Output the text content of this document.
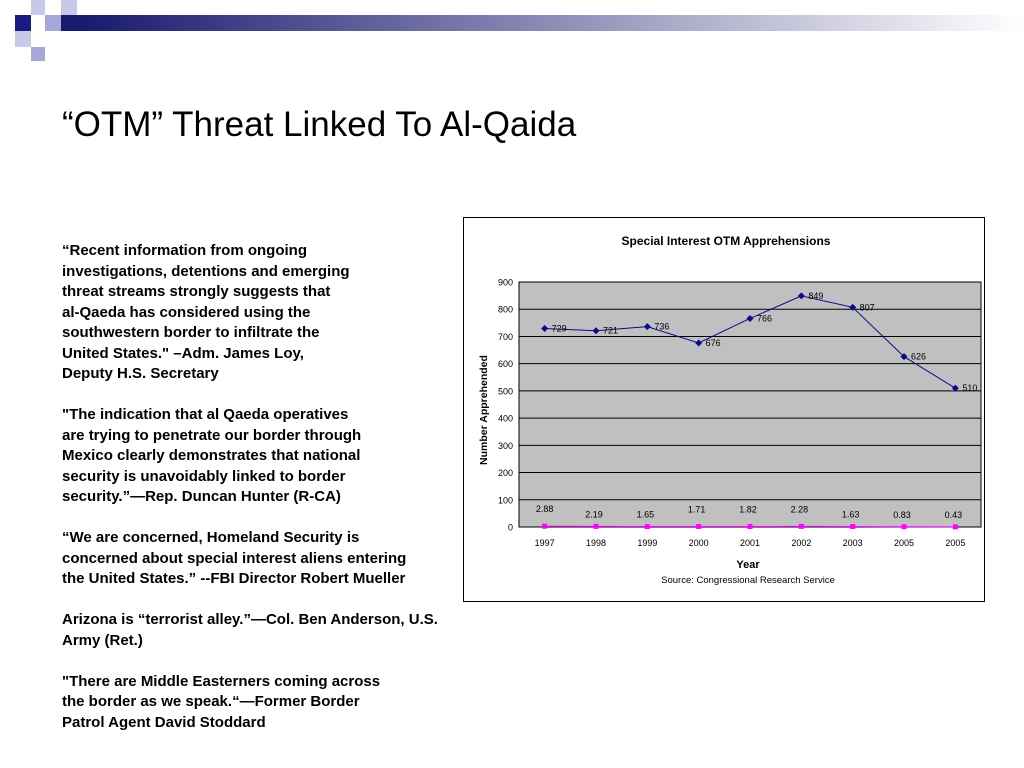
“OTM” Threat Linked To Al-Qaida

“Recent information from ongoing
investigations, detentions and emerging
threat streams strongly suggests that
al-Qaeda has considered using the
southwestern border to infiltrate the
United States." –Adm. James Loy,
Deputy H.S. Secretary

"The indication that al Qaeda operatives
are trying to penetrate our border through
Mexico clearly demonstrates that national
security is unavoidably linked to border
security.”—Rep. Duncan Hunter (R-CA)

“We are concerned, Homeland Security is
concerned about special interest aliens entering
the United States.” --FBI Director Robert Mueller

Arizona is “terrorist alley.”—Col. Ben Anderson, U.S.
Army (Ret.)

"There are Middle Easterners coming across
the border as we speak.“—Former Border
Patrol Agent David Stoddard

Special Interest OTM Apprehensions
0
100
200
300
400
500
600
700
800
900
1997	1998	1999	2000	2001	2002	2003	2005	2005
729	721	736
676
766
849
807
626
510
2.88
2.19	1.65
1.71	1.82	2.28
1.63	0.83	0.43
Number Apprehended
Year
Source: Congressional Research Service
